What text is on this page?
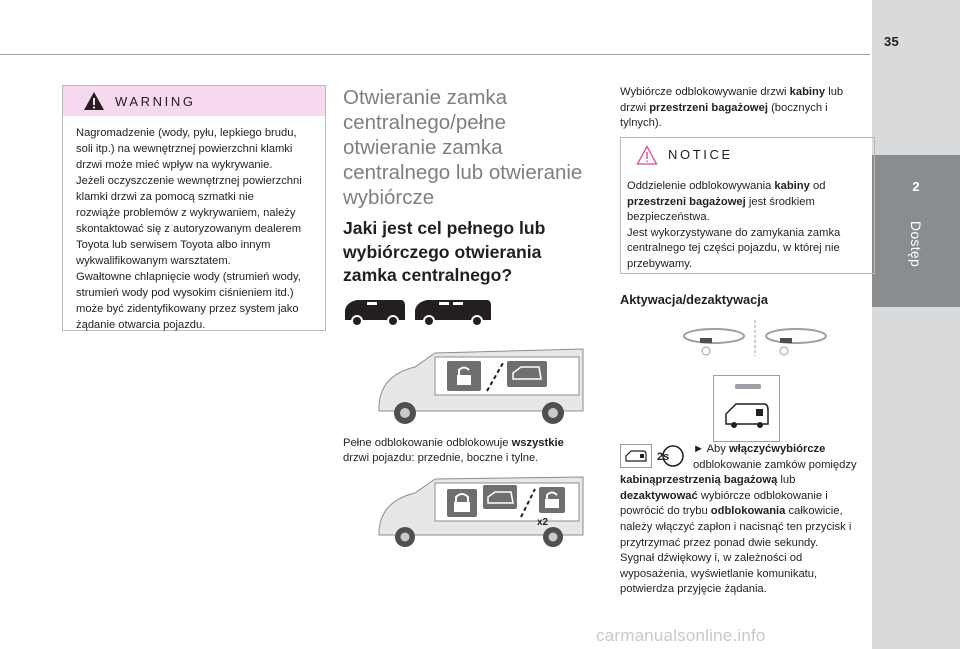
2
Dostęp
35
WARNING
Nagromadzenie (wody, pyłu, lepkiego brudu,
soli itp.) na wewnętrznej powierzchni klamki
drzwi może mieć wpływ na wykrywanie.
Jeżeli oczyszczenie wewnętrznej powierzchni
klamki drzwi za pomocą szmatki nie
rozwiąże problemów z wykrywaniem, należy
skontaktować się z autoryzowanym dealerem
Toyota lub serwisem Toyota albo innym
wykwalifikowanym warsztatem.
Gwałtowne chlapnięcie wody (strumień wody,
strumień wody pod wysokim ciśnieniem itd.)
może być zidentyfikowany przez system jako
żądanie otwarcia pojazdu.
Otwieranie zamka
centralnego/pełne
otwieranie zamka
centralnego lub otwieranie
wybiórcze
Jaki jest cel pełnego lub
wybiórczego otwierania
zamka centralnego?
Pełne odblokowanie odblokowuje wszystkie
drzwi pojazdu: przednie, boczne i tylne.
x2
Wybiórcze odblokowywanie drzwi kabiny lub
drzwi przestrzeni bagażowej (bocznych i
tylnych).
NOTICE
Oddzielenie odblokowywania kabiny od
przestrzeni bagażowej jest środkiem
bezpieczeństwa.
Jest wykorzystywane do zamykania zamka
centralnego tej części pojazdu, w której nie
przebywamy.
Aktywacja/dezaktywacja
2s
► Aby włączyćwybiórcze
odblokowanie zamków pomiędzy
kabinąprzestrzenią bagażową lub
dezaktywować wybiórcze odblokowanie i
powrócić do trybu odblokowania całkowicie,
należy włączyć zapłon i nacisnąć ten przycisk i
przytrzymać przez ponad dwie sekundy.
Sygnał dźwiękowy i, w zależności od
wyposażenia, wyświetlanie komunikatu,
potwierdza przyjęcie żądania.
carmanualsonline.info
